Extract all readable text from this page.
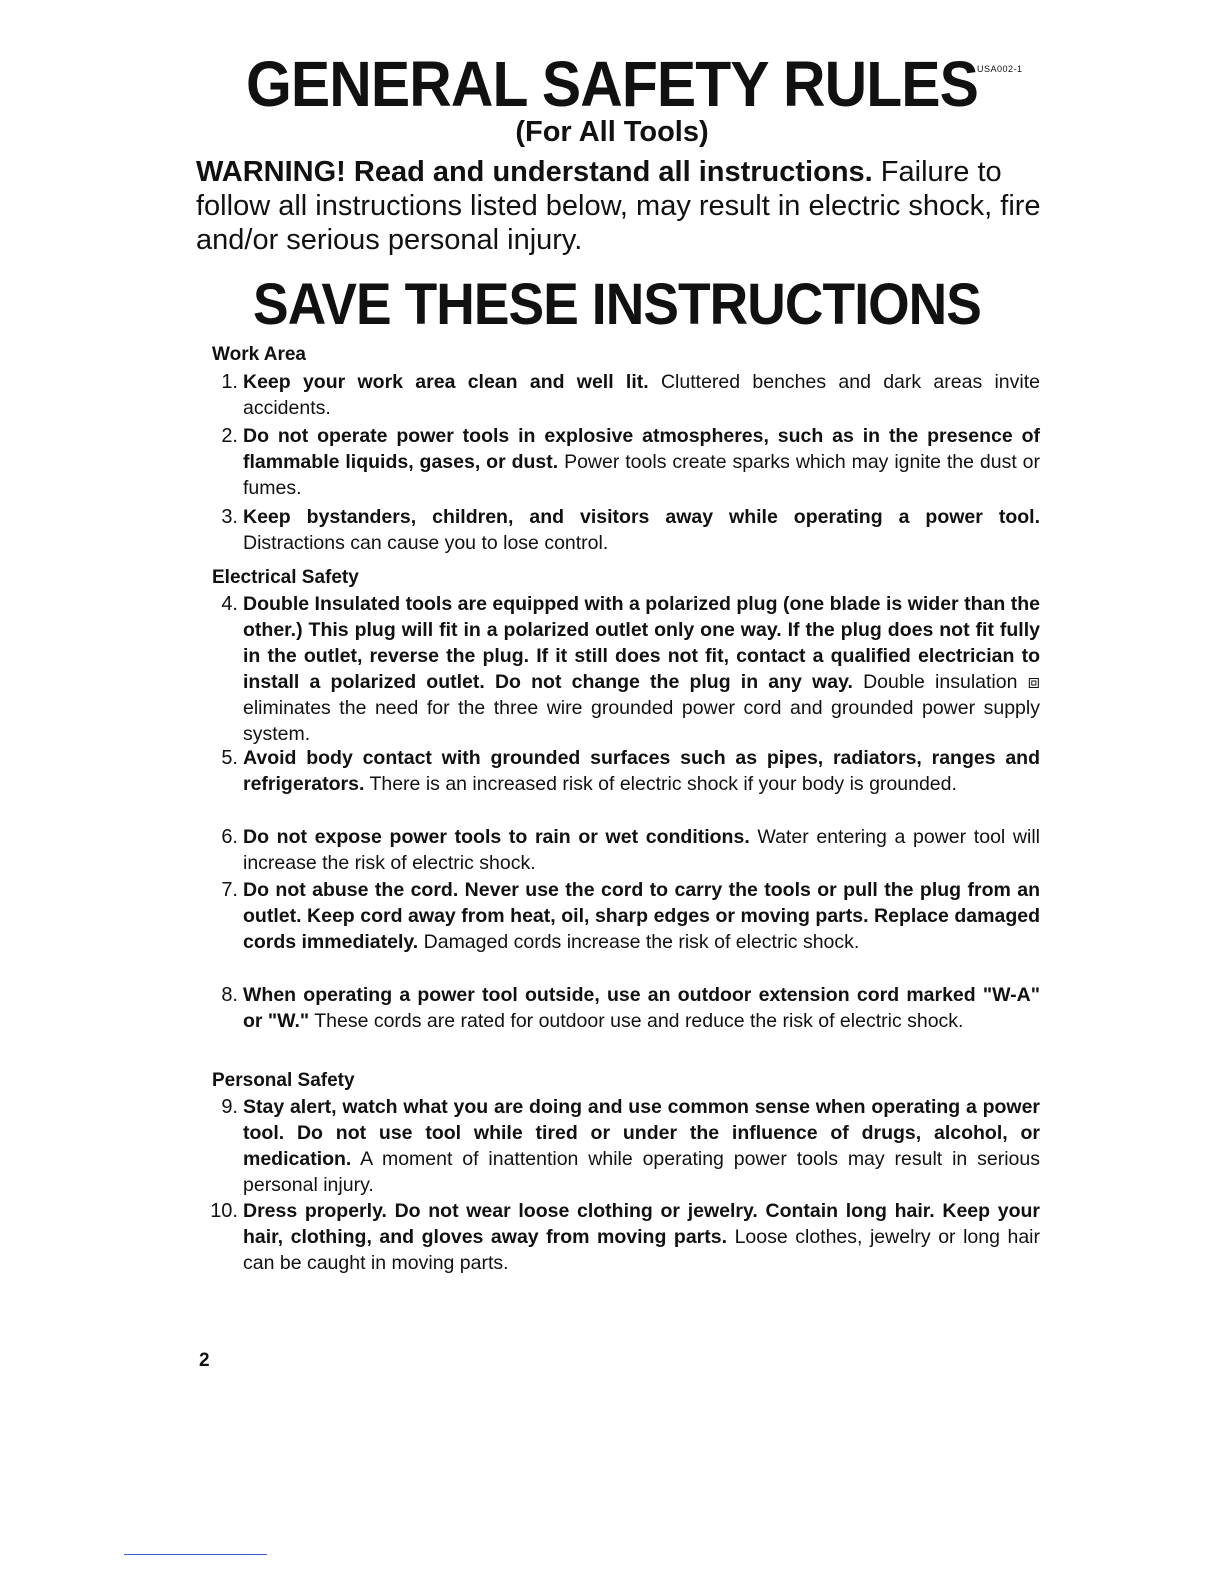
GENERAL SAFETY RULES USA002-1
(For All Tools)
WARNING! Read and understand all instructions. Failure to follow all instructions listed below, may result in electric shock, fire and/or serious personal injury.
SAVE THESE INSTRUCTIONS
Work Area
1. Keep your work area clean and well lit. Cluttered benches and dark areas invite accidents.
2. Do not operate power tools in explosive atmospheres, such as in the presence of flammable liquids, gases, or dust. Power tools create sparks which may ignite the dust or fumes.
3. Keep bystanders, children, and visitors away while operating a power tool. Distractions can cause you to lose control.
Electrical Safety
4. Double Insulated tools are equipped with a polarized plug (one blade is wider than the other.) This plug will fit in a polarized outlet only one way. If the plug does not fit fully in the outlet, reverse the plug. If it still does not fit, contact a qualified electrician to install a polarized outlet. Do not change the plug in any way. Double insulation ⧈ eliminates the need for the three wire grounded power cord and grounded power supply system.
5. Avoid body contact with grounded surfaces such as pipes, radiators, ranges and refrigerators. There is an increased risk of electric shock if your body is grounded.
6. Do not expose power tools to rain or wet conditions. Water entering a power tool will increase the risk of electric shock.
7. Do not abuse the cord. Never use the cord to carry the tools or pull the plug from an outlet. Keep cord away from heat, oil, sharp edges or moving parts. Replace damaged cords immediately. Damaged cords increase the risk of electric shock.
8. When operating a power tool outside, use an outdoor extension cord marked "W-A" or "W." These cords are rated for outdoor use and reduce the risk of electric shock.
Personal Safety
9. Stay alert, watch what you are doing and use common sense when operating a power tool. Do not use tool while tired or under the influence of drugs, alcohol, or medication. A moment of inattention while operating power tools may result in serious personal injury.
10. Dress properly. Do not wear loose clothing or jewelry. Contain long hair. Keep your hair, clothing, and gloves away from moving parts. Loose clothes, jewelry or long hair can be caught in moving parts.
2
